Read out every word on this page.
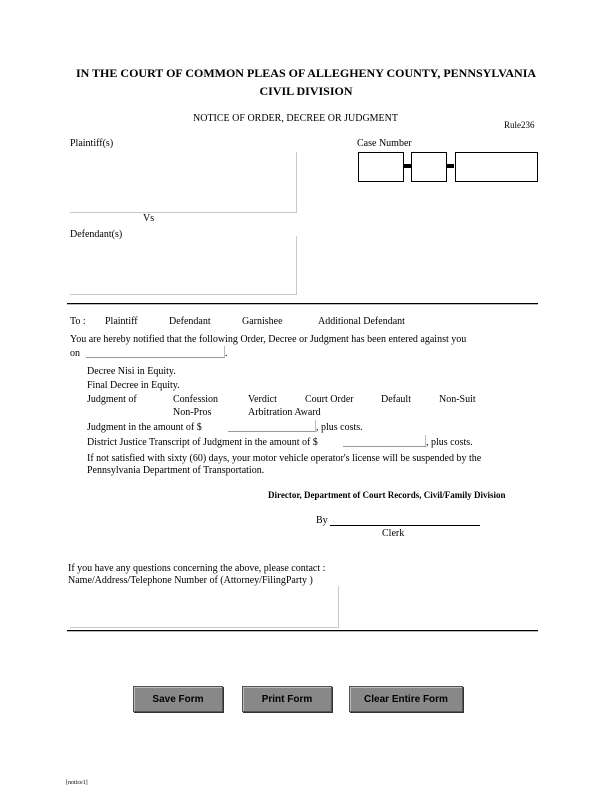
IN THE COURT OF COMMON PLEAS OF ALLEGHENY COUNTY, PENNSYLVANIA
CIVIL DIVISION
NOTICE OF ORDER, DECREE OR JUDGMENT
Rule236
Plaintiff(s)	Case Number
Vs
Defendant(s)
To : Plaintiff	Defendant	Garnishee	Additional Defendant
You are hereby notified that the following Order, Decree or Judgment has been entered against you
on	.
Decree Nisi in Equity.
Final Decree in Equity.
Judgment of	Confession	Verdict	Court Order	Default	Non-Suit
Non-Pros	Arbitration Award
Judgment in the amount of $	, plus costs.
District Justice Transcript of Judgment in the amount of $	, plus costs.
If not satisfied with sixty (60) days, your motor vehicle operator's license will be suspended by the
Pennsylvania Department of Transportation.
Director, Department of Court Records, Civil/Family Division
By
Clerk
If you have any questions concerning the above, please contact :
Name/Address/Telephone Number of (Attorney/FilingParty )
Save Form	Print Form	Clear Entire Form
[notice1]
